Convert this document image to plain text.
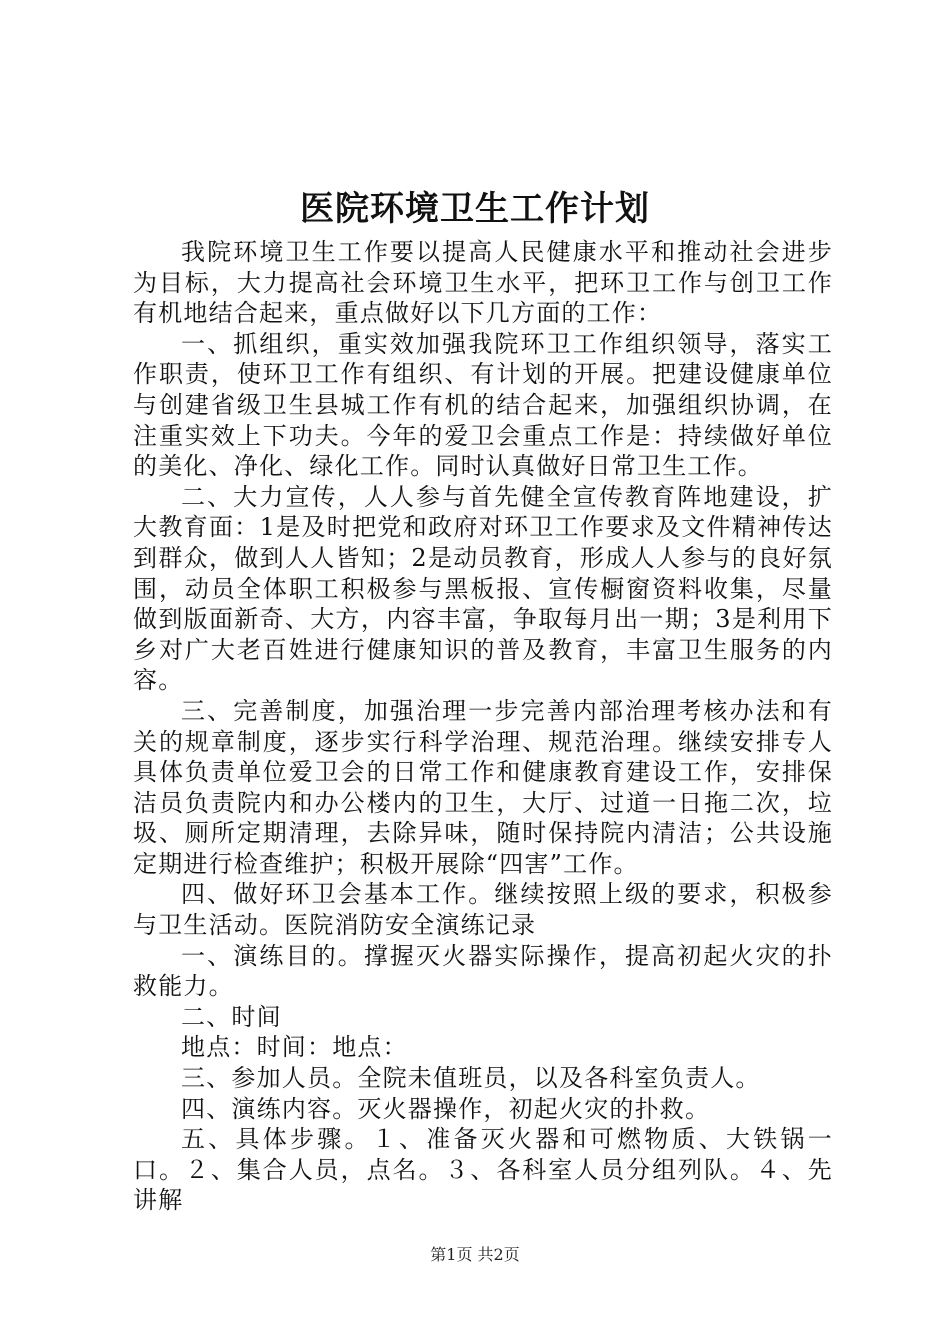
医院环境卫生工作计划

我院环境卫生工作要以提高人民健康水平和推动社会进步为目标，大力提高社会环境卫生水平，把环卫工作与创卫工作有机地结合起来，重点做好以下几方面的工作：

一、抓组织，重实效加强我院环卫工作组织领导，落实工作职责，使环卫工作有组织、有计划的开展。把建设健康单位与创建省级卫生县城工作有机的结合起来，加强组织协调，在注重实效上下功夫。今年的爱卫会重点工作是：持续做好单位的美化、净化、绿化工作。同时认真做好日常卫生工作。

二、大力宣传，人人参与首先健全宣传教育阵地建设，扩大教育面：1是及时把党和政府对环卫工作要求及文件精神传达到群众，做到人人皆知；2是动员教育，形成人人参与的良好氛围，动员全体职工积极参与黑板报、宣传橱窗资料收集，尽量做到版面新奇、大方，内容丰富，争取每月出一期；3是利用下乡对广大老百姓进行健康知识的普及教育，丰富卫生服务的内容。

三、完善制度，加强治理一步完善内部治理考核办法和有关的规章制度，逐步实行科学治理、规范治理。继续安排专人具体负责单位爱卫会的日常工作和健康教育建设工作，安排保洁员负责院内和办公楼内的卫生，大厅、过道一日拖二次，垃圾、厕所定期清理，去除异味，随时保持院内清洁；公共设施定期进行检查维护；积极开展除“四害”工作。

四、做好环卫会基本工作。继续按照上级的要求，积极参与卫生活动。医院消防安全演练记录

一、演练目的。撑握灭火器实际操作，提高初起火灾的扑救能力。

二、时间

地点：时间：地点：

三、参加人员。全院未值班员，以及各科室负责人。

四、演练内容。灭火器操作，初起火灾的扑救。

五、具体步骤。１、准备灭火器和可燃物质、大铁锅一口。２、集合人员，点名。３、各科室人员分组列队。４、先讲解

第1页 共2页
